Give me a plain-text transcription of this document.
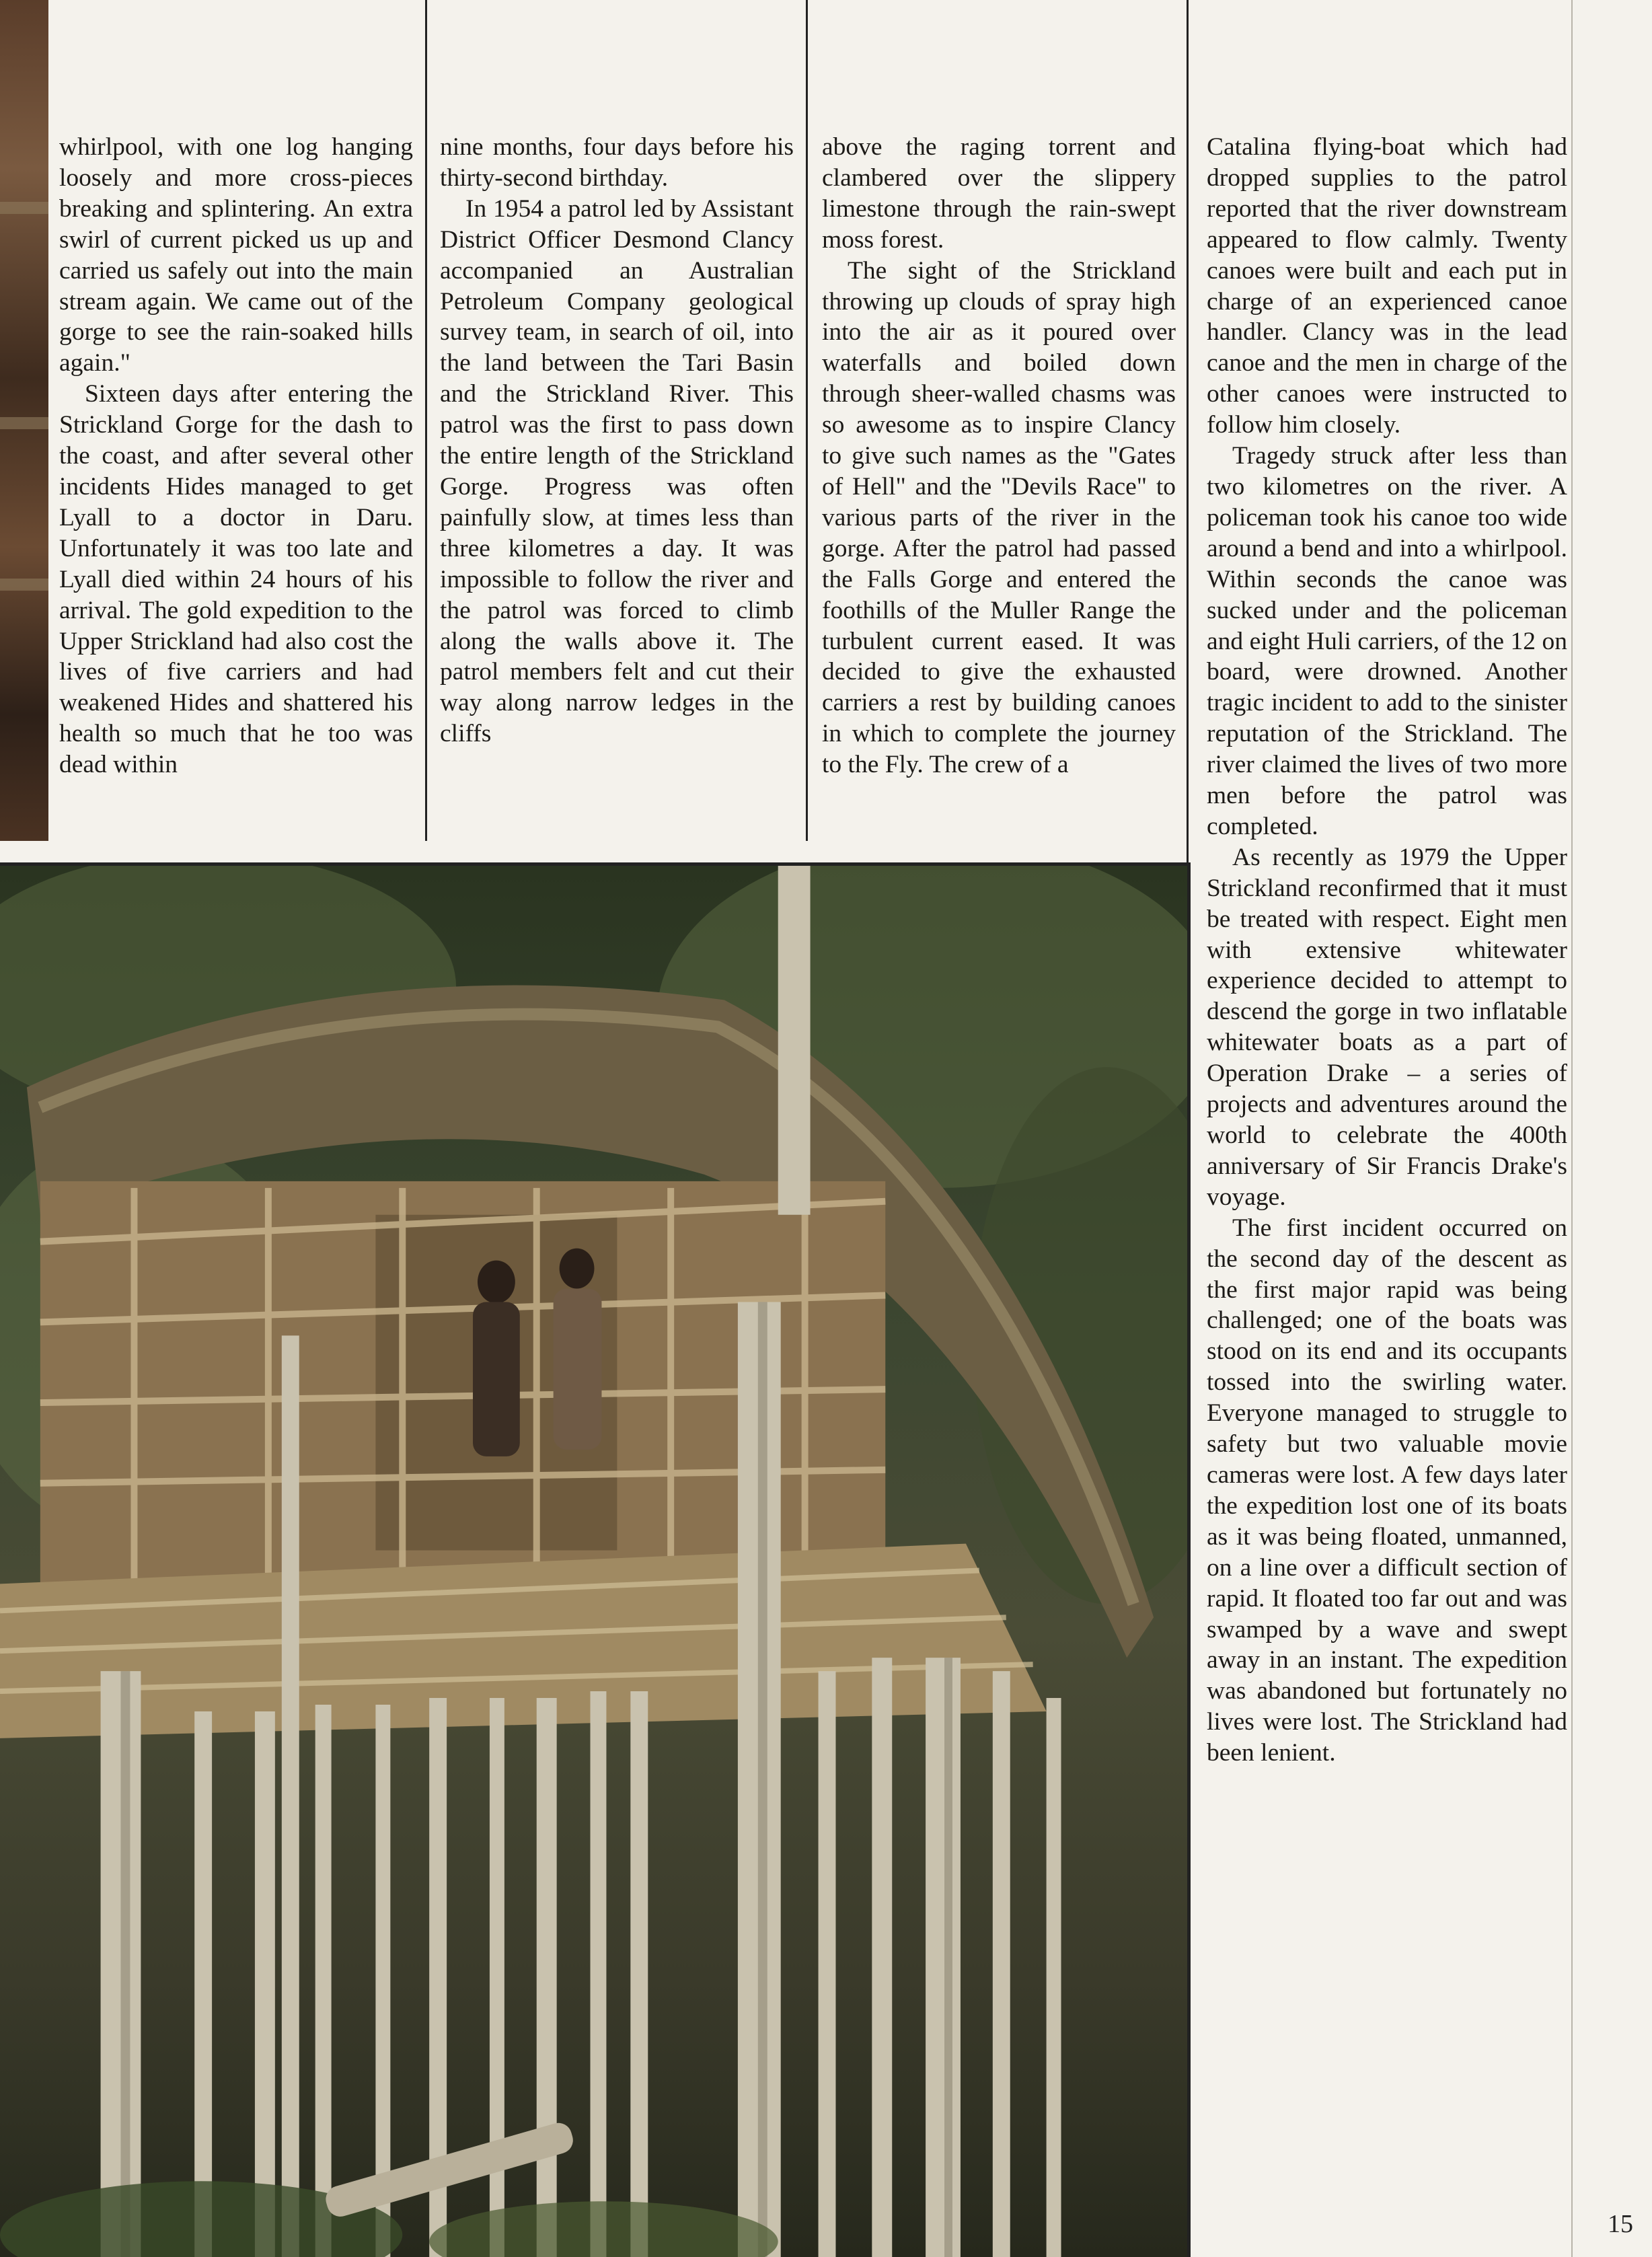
whirlpool, with one log hanging loosely and more cross-pieces breaking and splintering. An extra swirl of current picked us up and carried us safely out into the main stream again. We came out of the gorge to see the rain-soaked hills again."

Sixteen days after entering the Strickland Gorge for the dash to the coast, and after several other incidents Hides managed to get Lyall to a doctor in Daru. Unfortunately it was too late and Lyall died within 24 hours of his arrival. The gold expedition to the Upper Strickland had also cost the lives of five carriers and had weakened Hides and shattered his health so much that he too was dead within

nine months, four days before his thirty-second birthday.

In 1954 a patrol led by Assistant District Officer Desmond Clancy accompanied an Australian Petroleum Company geological survey team, in search of oil, into the land between the Tari Basin and the Strickland River. This patrol was the first to pass down the entire length of the Strickland Gorge. Progress was often painfully slow, at times less than three kilometres a day. It was impossible to follow the river and the patrol was forced to climb along the walls above it. The patrol members felt and cut their way along narrow ledges in the cliffs

above the raging torrent and clambered over the slippery limestone through the rain-swept moss forest.

The sight of the Strickland throwing up clouds of spray high into the air as it poured over waterfalls and boiled down through sheer-walled chasms was so awesome as to inspire Clancy to give such names as the "Gates of Hell" and the "Devils Race" to various parts of the river in the gorge. After the patrol had passed the Falls Gorge and entered the foothills of the Muller Range the turbulent current eased. It was decided to give the exhausted carriers a rest by building canoes in which to complete the journey to the Fly. The crew of a

Catalina flying-boat which had dropped supplies to the patrol reported that the river downstream appeared to flow calmly. Twenty canoes were built and each put in charge of an experienced canoe handler. Clancy was in the lead canoe and the men in charge of the other canoes were instructed to follow him closely.

Tragedy struck after less than two kilometres on the river. A policeman took his canoe too wide around a bend and into a whirlpool. Within seconds the canoe was sucked under and the policeman and eight Huli carriers, of the 12 on board, were drowned. Another tragic incident to add to the sinister reputation of the Strickland. The river claimed the lives of two more men before the patrol was completed.

As recently as 1979 the Upper Strickland reconfirmed that it must be treated with respect. Eight men with extensive whitewater experience decided to attempt to descend the gorge in two inflatable whitewater boats as a part of Operation Drake – a series of projects and adventures around the world to celebrate the 400th anniversary of Sir Francis Drake's voyage.

The first incident occurred on the second day of the descent as the first major rapid was being challenged; one of the boats was stood on its end and its occupants tossed into the swirling water. Everyone managed to struggle to safety but two valuable movie cameras were lost. A few days later the expedition lost one of its boats as it was being floated, unmanned, on a line over a difficult section of rapid. It floated too far out and was swamped by a wave and swept away in an instant. The expedition was abandoned but fortunately no lives were lost. The Strickland had been lenient.

15
